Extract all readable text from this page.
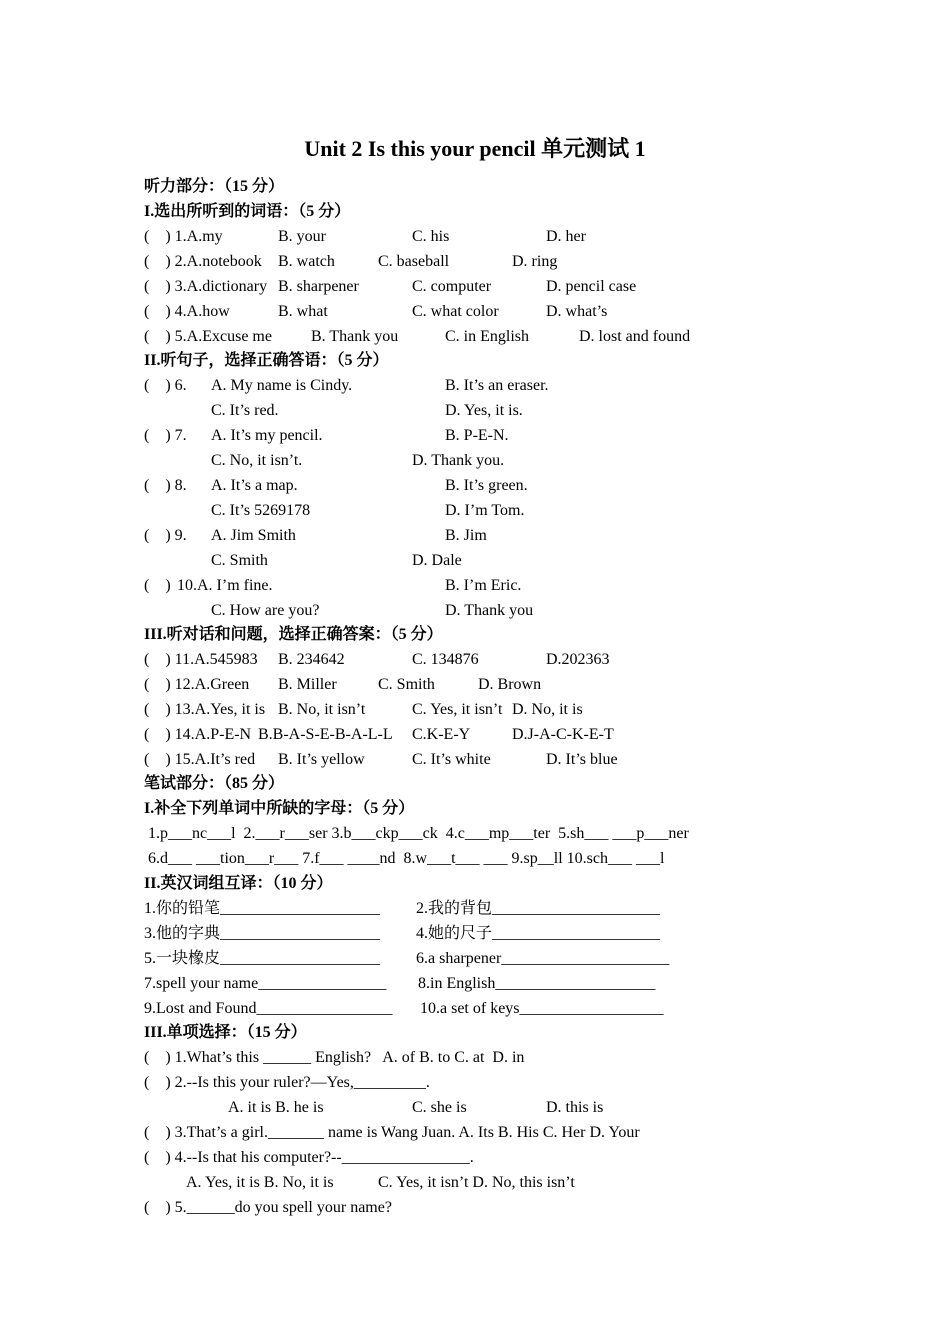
Unit 2 Is this your pencil 单元测试 1
听力部分：（15 分）
I.选出所听到的词语：（5 分）
(    ) 1.A.my	B. your	C. his	D. her
(    ) 2.A.notebook B. watch	C. baseball	D. ring
(    ) 3.A.dictionary B. sharpener	C. computer	D. pencil case
(    ) 4.A.how	B. what	C. what color	D. what’s
(    ) 5.A.Excuse me B. Thank you	C. in English	D. lost and found
II.听句子，选择正确答语：（5 分）
(    ) 6. A. My name is Cindy.	B. It’s an eraser.
C. It’s red.	D. Yes, it is.
(    ) 7. A. It’s my pencil.	B. P-E-N.
C. No, it isn’t.	D. Thank you.
(    ) 8. A. It’s a map.	B. It’s green.
C. It’s 5269178	D. I’m Tom.
(    ) 9. A. Jim Smith	B. Jim
C. Smith	D. Dale
(    )10.A. I’m fine.	B. I’m Eric.
C. How are you?	D. Thank you
III.听对话和问题，选择正确答案：（5 分）
(    ) 11.A.545983 B. 234642	C. 134876	D.202363
(    ) 12.A.Green B. Miller	C. Smith	D. Brown
(    ) 13.A.Yes, it is B. No, it isn’t	C. Yes, it isn’t D. No, it is
(    ) 14.A.P-E-N B.B-A-S-E-B-A-L-L C.K-E-Y	D.J-A-C-K-E-T
(    ) 15.A.It’s red B. It’s yellow	C. It’s white	D. It’s blue
笔试部分：（85 分）
I.补全下列单词中所缺的字母：（5 分）
1.p___nc___l  2.___r___ser 3.b___ckp___ck  4.c___mp___ter  5.sh___ ___p___ner
6.d___ ___tion___r___ 7.f___ ____nd  8.w___t___ ___ 9.sp__ll 10.sch___ ___l
II.英汉词组互译：（10 分）
1.你的铅笔____________________ 2.我的背包_____________________
3.他的字典____________________ 4.她的尺子_____________________
5.一块橡皮____________________ 6.a sharpener_____________________
7.spell your name________________ 8.in English____________________
9.Lost and Found_________________ 10.a set of keys__________________
III.单项选择：（15 分）
(    ) 1.What’s this ______ English?   A. of B. to C. at  D. in
(    ) 2.--Is this your ruler?—Yes,_________.
A. it is B. he is	C. she is	D. this is
(    ) 3.That’s a girl._______ name is Wang Juan. A. Its B. His C. Her D. Your
(    ) 4.--Is that his computer?--________________.
A. Yes, it is B. No, it is	C. Yes, it isn’t D. No, this isn’t
(    ) 5.______do you spell your name?
